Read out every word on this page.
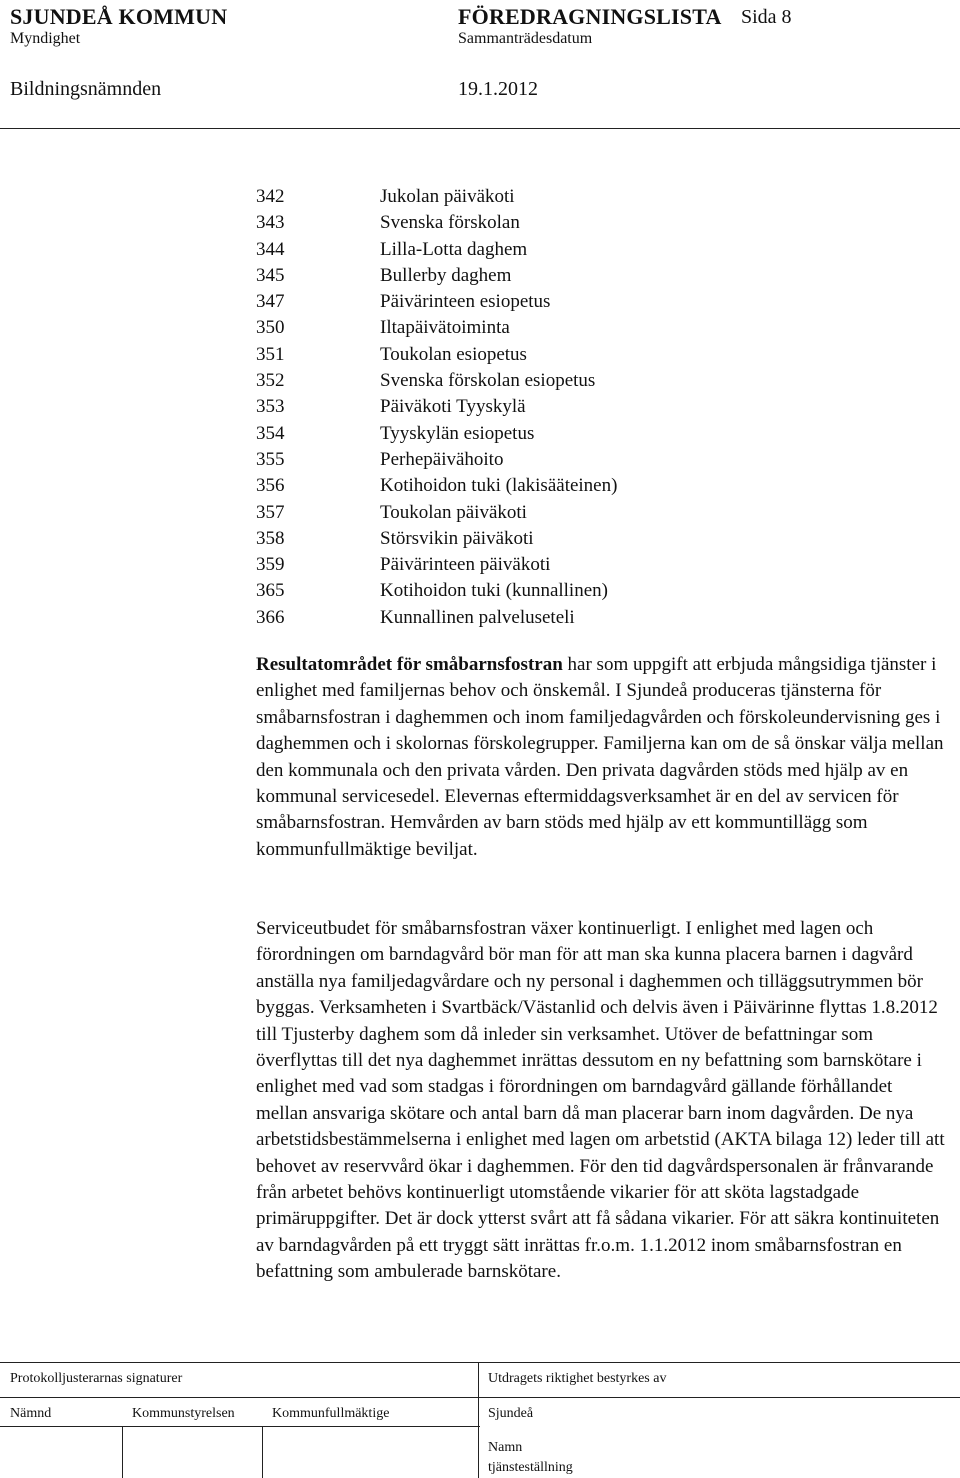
SJUNDEÅ KOMMUN	FÖREDRAGNINGSLISTA Sida 8
Myndighet	Sammanträdesdatum
Bildningsnämnden	19.1.2012
342	Jukolan päiväkoti
343	Svenska förskolan
344	Lilla-Lotta daghem
345	Bullerby daghem
347	Päivärinteen esiopetus
350	Iltapäivätoiminta
351	Toukolan esiopetus
352	Svenska förskolan esiopetus
353	Päiväkoti Tyyskylä
354	Tyyskylän esiopetus
355	Perhepäivähoito
356	Kotihoidon tuki (lakisääteinen)
357	Toukolan päiväkoti
358	Störsvikin päiväkoti
359	Päivärinteen päiväkoti
365	Kotihoidon tuki (kunnallinen)
366	Kunnallinen palveluseteli

Resultatområdet för småbarnsfostran har som uppgift att erbjuda mångsidiga tjänster i enlighet med familjernas behov och önskemål. I Sjundeå produceras tjänsterna för småbarnsfostran i daghemmen och inom familjedagvården och förskoleundervisning ges i daghemmen och i skolornas förskolegrupper. Familjerna kan om de så önskar välja mellan den kommunala och den privata vården. Den privata dagvården stöds med hjälp av en kommunal servicesedel. Elevernas eftermiddagsverksamhet är en del av servicen för småbarnsfostran. Hemvården av barn stöds med hjälp av ett kommuntillägg som kommunfullmäktige beviljat.

Serviceutbudet för småbarnsfostran växer kontinuerligt. I enlighet med lagen och förordningen om barndagvård bör man för att man ska kunna placera barnen i dagvård anställa nya familjedagvårdare och ny personal i daghemmen och tilläggsutrymmen bör byggas. Verksamheten i Svartbäck/Västanlid och delvis även i Päivärinne flyttas 1.8.2012 till Tjusterby daghem som då inleder sin verksamhet. Utöver de befattningar som överflyttas till det nya daghemmet inrättas dessutom en ny befattning som barnskötare i enlighet med vad som stadgas i förordningen om barndagvård gällande förhållandet mellan ansvariga skötare och antal barn då man placerar barn inom dagvården. De nya arbetstidsbestämmelserna i enlighet med lagen om arbetstid (AKTA bilaga 12) leder till att behovet av reservvård ökar i daghemmen. För den tid dagvårdspersonalen är frånvarande från arbetet behövs kontinuerligt utomstående vikarier för att sköta lagstadgade primäruppgifter. Det är dock ytterst svårt att få sådana vikarier. För att säkra kontinuiteten av barndagvården på ett tryggt sätt inrättas fr.o.m. 1.1.2012 inom småbarnsfostran en befattning som ambulerade barnskötare.

Protokolljusterarnas signaturer	Utdragets riktighet bestyrkes av
Nämnd	Kommunstyrelsen	Kommunfullmäktige	Sjundeå
Namn
tjänsteställning
